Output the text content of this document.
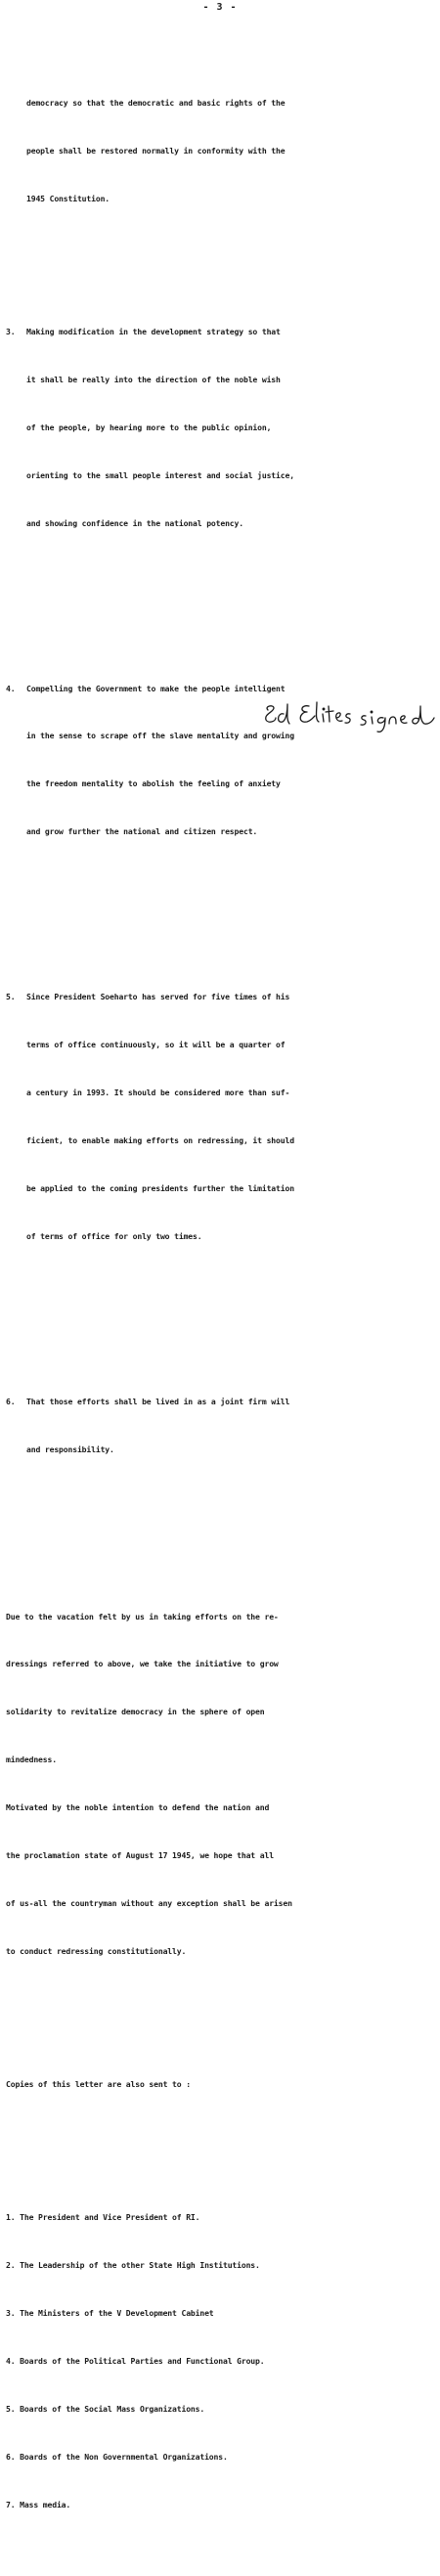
- 3 -

democracy so that the democratic and basic rights of the

people shall be restored normally in conformity with the

1945 Constitution.

3. Making modification in the development strategy so that

it shall be really into the direction of the noble wish

of the people, by hearing more to the public opinion,

orienting to the small people interest and social justice,

and showing confidence in the national potency.

4. Compelling the Government to make the people intelligent

in the sense to scrape off the slave mentality and growing

the freedom mentality to abolish the feeling of anxiety

and grow further the national and citizen respect.

5. Since President Soeharto has served for five times of his

terms of office continuously, so it will be a quarter of

a century in 1993. It should be considered more than suf-

ficient, to enable making efforts on redressing, it should

be applied to the coming presidents further the limitation

of terms of office for only two times.

6. That those efforts shall be lived in as a joint firm will

and responsibility.

Due to the vacation felt by us in taking efforts on the re-

dressings referred to above, we take the initiative to grow

solidarity to revitalize democracy in the sphere of open

mindedness.

Motivated by the noble intention to defend the nation and

the proclamation state of August 17 1945, we hope that all

of us-all the countryman without any exception shall be arisen

to conduct redressing constitutionally.

Copies of this letter are also sent to :

1. The President and Vice President of RI.

2. The Leadership of the other State High Institutions.

3. The Ministers of the V Development Cabinet

4. Boards of the Political Parties and Functional Group.

5. Boards of the Social Mass Organizations.

6. Boards of the Non Governmental Organizations.

7. Mass media.
